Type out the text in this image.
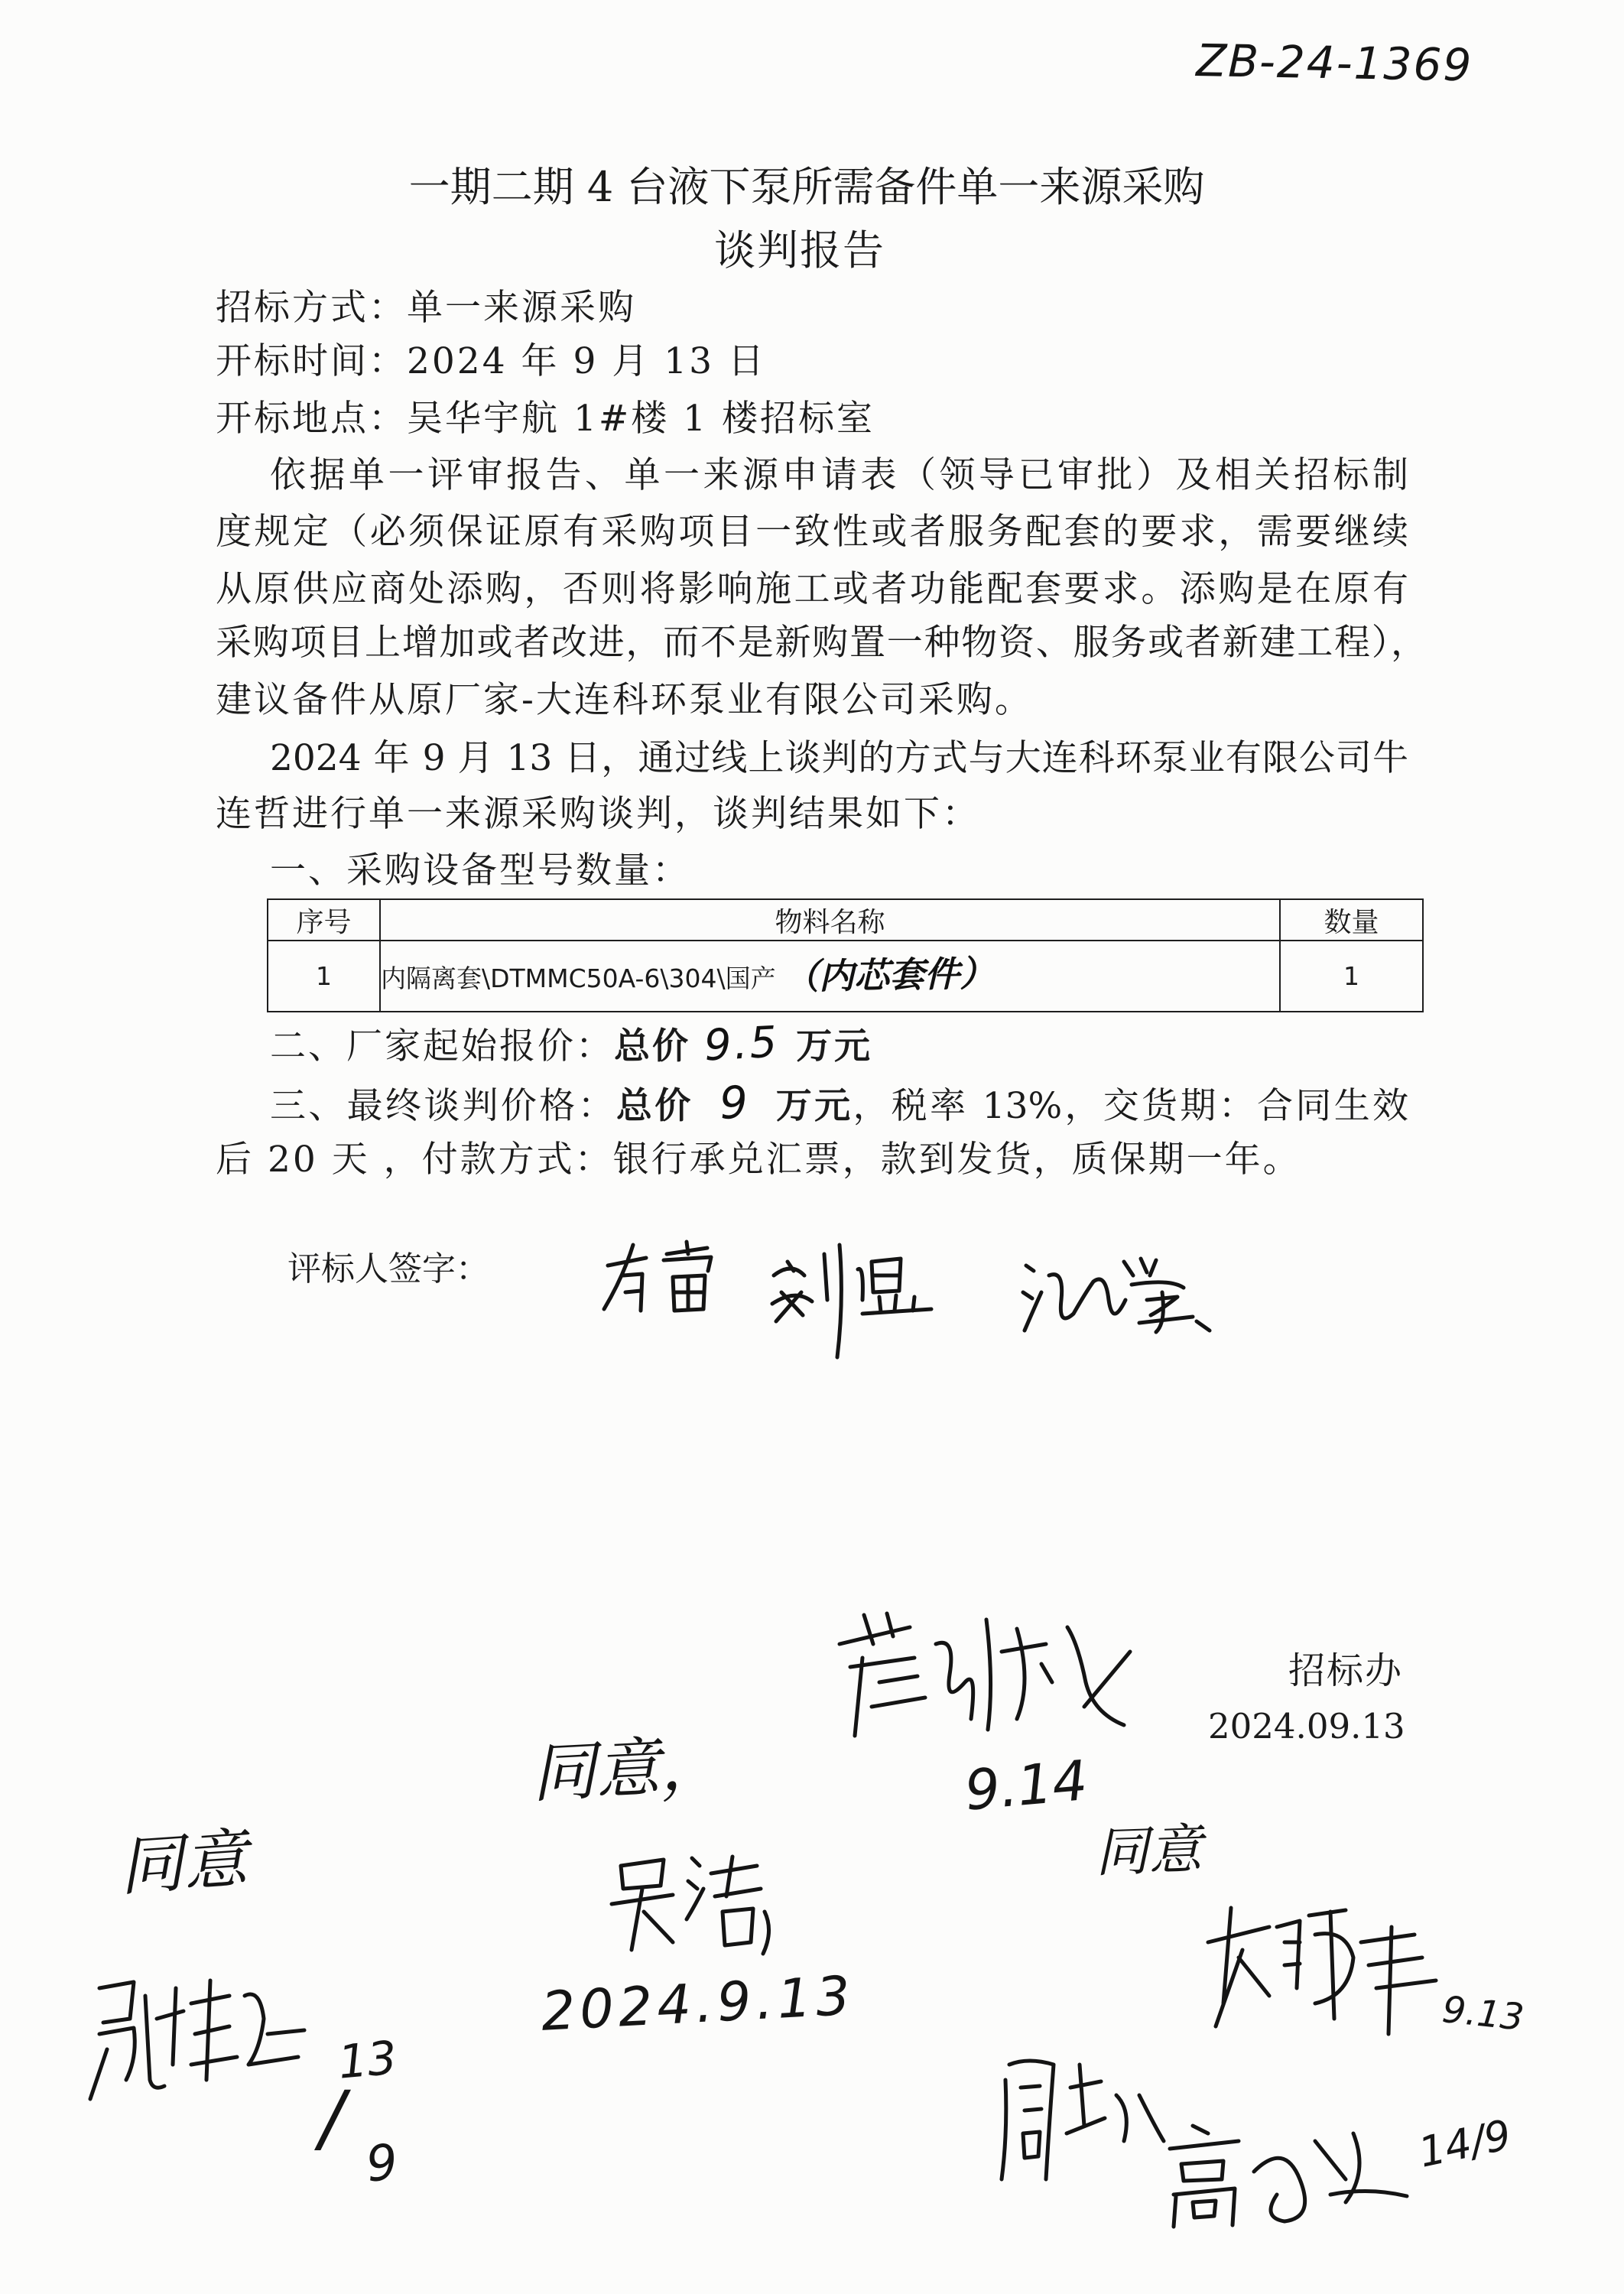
ZB-24-1369
一期二期 4 台液下泵所需备件单一来源采购
谈判报告
招标方式：单一来源采购
开标时间：2024 年 9 月 13 日
开标地点：吴华宇航 1#楼 1 楼招标室
依据单一评审报告、单一来源申请表（领导已审批）及相关招标制
度规定（必须保证原有采购项目一致性或者服务配套的要求，需要继续
从原供应商处添购，否则将影响施工或者功能配套要求。添购是在原有
采购项目上增加或者改进，而不是新购置一种物资、服务或者新建工程），
建议备件从原厂家-大连科环泵业有限公司采购。
2024 年 9 月 13 日，通过线上谈判的方式与大连科环泵业有限公司牛
连哲进行单一来源采购谈判，谈判结果如下：
一、采购设备型号数量：
序号	物料名称	数量
1	内隔离套\DTMMC50A-6\304\国产 （内芯套件）	1
二、厂家起始报价：总价 9.5 万元
三、最终谈判价格：总价 9 万元，税率 13%，交货期：合同生效
后 20 天 ，付款方式：银行承兑汇票，款到发货，质保期一年。
评标人签字：
招标办
2024.09.13
同意，
2024.9.13
9.14
同意
9.13
同意
13
/
9	14/9
